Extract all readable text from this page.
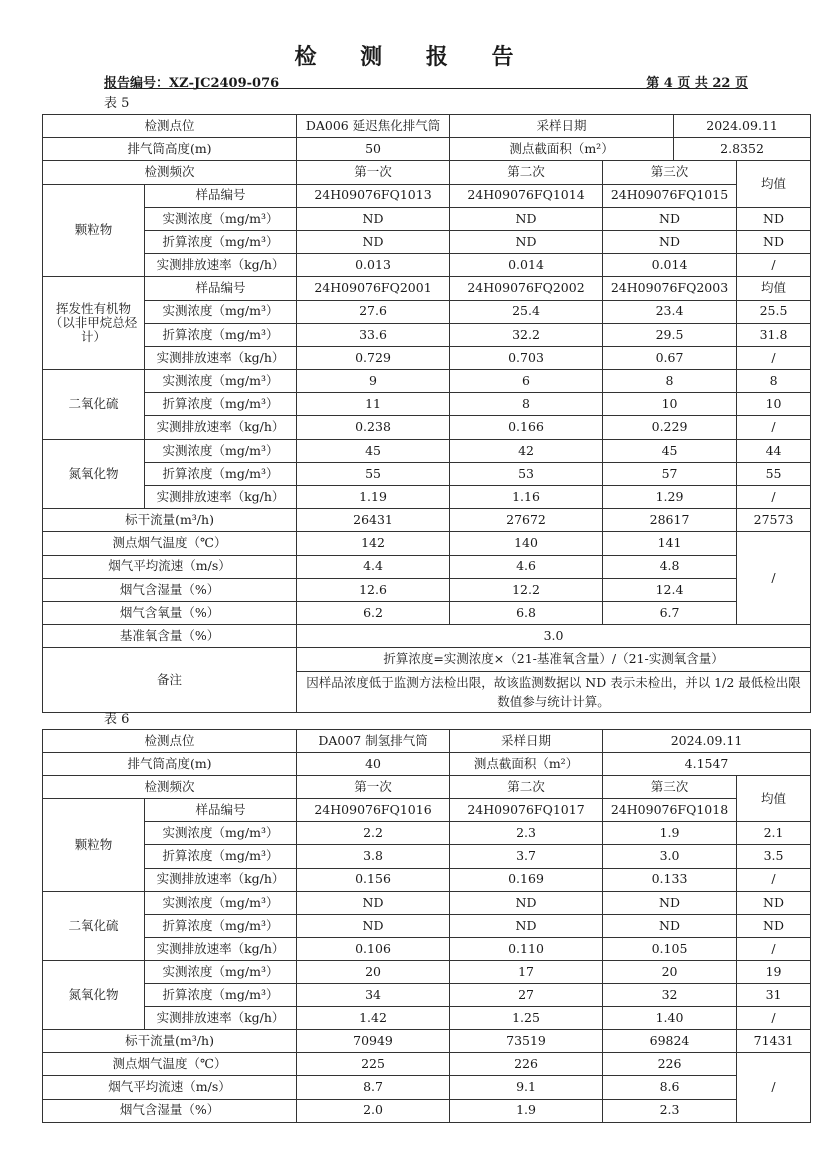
检 测 报 告
报告编号：XZ-JC2409-076	第 4 页 共 22 页
表 5
检测点位		DA006 延迟焦化排气筒	采样日期		2024.09.11	
排气筒高度(m)		50	测点截面积（m²）		2.8352	
检测频次		第一次	第二次	第三次		均值
颗粒物	样品编号	24H09076FQ1013	24H09076FQ1014	24H09076FQ1015		
	实测浓度（mg/m³）	ND	ND	ND		ND
	折算浓度（mg/m³）	ND	ND	ND		ND
	实测排放速率（kg/h）	0.013	0.014	0.014		/
挥发性有机物（以非甲烷总烃计）	样品编号	24H09076FQ2001	24H09076FQ2002	24H09076FQ2003		均值
	实测浓度（mg/m³）	27.6	25.4	23.4		25.5
	折算浓度（mg/m³）	33.6	32.2	29.5		31.8
	实测排放速率（kg/h）	0.729	0.703	0.67		/
二氧化硫	实测浓度（mg/m³）	9	6	8		8
	折算浓度（mg/m³）	11	8	10		10
	实测排放速率（kg/h）	0.238	0.166	0.229		/
氮氧化物	实测浓度（mg/m³）	45	42	45		44
	折算浓度（mg/m³）	55	53	57		55
	实测排放速率（kg/h）	1.19	1.16	1.29		/
标干流量(m³/h)		26431	27672	28617		27573
测点烟气温度（℃）		142	140	141		/
烟气平均流速（m/s）		4.4	4.6	4.8		
烟气含湿量（%）		12.6	12.2	12.4		
烟气含氧量（%）		6.2	6.8	6.7		
基准氧含量（%）		3.0				
备注		折算浓度=实测浓度×（21-基准氧含量）/（21-实测氧含量）				
		因样品浓度低于监测方法检出限，故该监测数据以 ND 表示未检出，并以 1/2 最低检出限数值参与统计计算。				
表 6
检测点位		DA007 制氢排气筒	采样日期	2024.09.11	
排气筒高度(m)		40	测点截面积（m²）	4.1547	
检测频次		第一次	第二次	第三次	均值
颗粒物	样品编号	24H09076FQ1016	24H09076FQ1017	24H09076FQ1018	
	实测浓度（mg/m³）	2.2	2.3	1.9	2.1
	折算浓度（mg/m³）	3.8	3.7	3.0	3.5
	实测排放速率（kg/h）	0.156	0.169	0.133	/
二氧化硫	实测浓度（mg/m³）	ND	ND	ND	ND
	折算浓度（mg/m³）	ND	ND	ND	ND
	实测排放速率（kg/h）	0.106	0.110	0.105	/
氮氧化物	实测浓度（mg/m³）	20	17	20	19
	折算浓度（mg/m³）	34	27	32	31
	实测排放速率（kg/h）	1.42	1.25	1.40	/
标干流量(m³/h)		70949	73519	69824	71431
测点烟气温度（℃）		225	226	226	/
烟气平均流速（m/s）		8.7	9.1	8.6	
烟气含湿量（%）		2.0	1.9	2.3	
